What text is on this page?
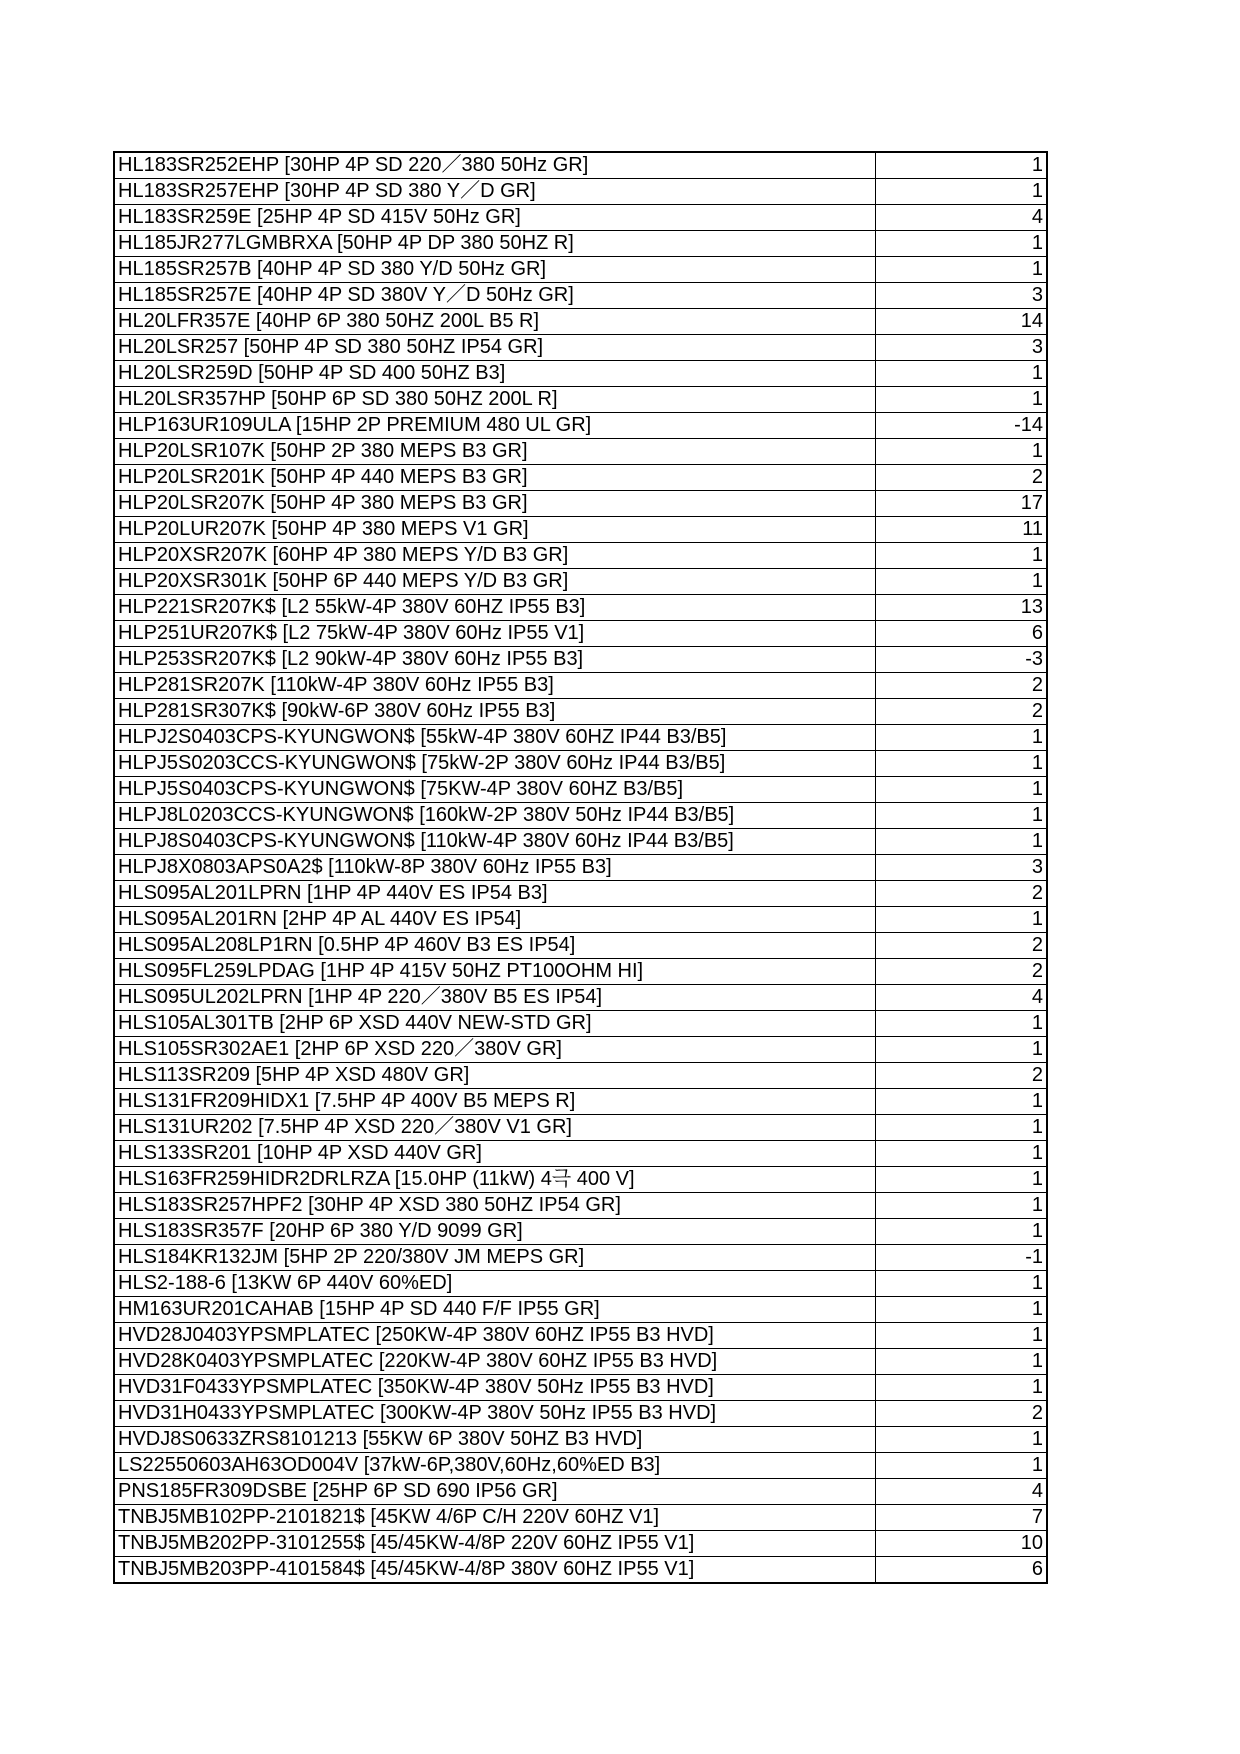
HL183SR252EHP [30HP 4P SD 220／380 50Hz GR]	1
HL183SR257EHP [30HP 4P SD 380 Y／D GR]	1
HL183SR259E [25HP 4P SD 415V 50Hz GR]	4
HL185JR277LGMBRXA [50HP 4P DP 380 50HZ R]	1
HL185SR257B [40HP 4P SD 380 Y/D 50Hz GR]	1
HL185SR257E [40HP 4P SD 380V Y／D 50Hz GR]	3
HL20LFR357E [40HP 6P 380 50HZ 200L B5 R]	14
HL20LSR257 [50HP 4P SD 380 50HZ IP54 GR]	3
HL20LSR259D [50HP 4P SD 400 50HZ B3]	1
HL20LSR357HP [50HP 6P SD 380 50HZ 200L R]	1
HLP163UR109ULA [15HP 2P PREMIUM 480 UL GR]	-14
HLP20LSR107K [50HP 2P 380 MEPS B3 GR]	1
HLP20LSR201K [50HP 4P 440 MEPS B3 GR]	2
HLP20LSR207K [50HP 4P 380 MEPS B3 GR]	17
HLP20LUR207K [50HP 4P 380 MEPS V1 GR]	11
HLP20XSR207K [60HP 4P 380 MEPS Y/D B3 GR]	1
HLP20XSR301K [50HP 6P 440 MEPS Y/D B3 GR]	1
HLP221SR207K$ [L2 55kW-4P 380V 60HZ IP55 B3]	13
HLP251UR207K$ [L2 75kW-4P 380V 60Hz IP55 V1]	6
HLP253SR207K$ [L2 90kW-4P 380V 60Hz IP55 B3]	-3
HLP281SR207K [110kW-4P 380V 60Hz IP55 B3]	2
HLP281SR307K$ [90kW-6P 380V 60Hz IP55 B3]	2
HLPJ2S0403CPS-KYUNGWON$ [55kW-4P 380V 60HZ IP44 B3/B5]	1
HLPJ5S0203CCS-KYUNGWON$ [75kW-2P 380V 60Hz IP44 B3/B5]	1
HLPJ5S0403CPS-KYUNGWON$ [75KW-4P 380V 60HZ B3/B5]	1
HLPJ8L0203CCS-KYUNGWON$ [160kW-2P 380V 50Hz IP44 B3/B5]	1
HLPJ8S0403CPS-KYUNGWON$ [110kW-4P 380V 60Hz IP44 B3/B5]	1
HLPJ8X0803APS0A2$ [110kW-8P 380V 60Hz IP55 B3]	3
HLS095AL201LPRN [1HP 4P 440V ES IP54 B3]	2
HLS095AL201RN [2HP 4P AL 440V ES IP54]	1
HLS095AL208LP1RN [0.5HP 4P 460V B3 ES IP54]	2
HLS095FL259LPDAG [1HP 4P 415V 50HZ PT100OHM HI]	2
HLS095UL202LPRN [1HP 4P 220／380V B5 ES IP54]	4
HLS105AL301TB [2HP 6P XSD 440V NEW-STD GR]	1
HLS105SR302AE1 [2HP 6P XSD 220／380V GR]	1
HLS113SR209 [5HP 4P XSD 480V GR]	2
HLS131FR209HIDX1 [7.5HP 4P 400V B5 MEPS R]	1
HLS131UR202 [7.5HP 4P XSD 220／380V V1 GR]	1
HLS133SR201 [10HP 4P XSD 440V GR]	1
HLS163FR259HIDR2DRLRZA [15.0HP (11kW) 4극 400 V]	1
HLS183SR257HPF2 [30HP 4P XSD 380 50HZ IP54 GR]	1
HLS183SR357F [20HP 6P 380 Y/D 9099 GR]	1
HLS184KR132JM [5HP 2P 220/380V JM MEPS GR]	-1
HLS2-188-6 [13KW 6P 440V 60%ED]	1
HM163UR201CAHAB [15HP 4P SD 440 F/F IP55 GR]	1
HVD28J0403YPSMPLATEC [250KW-4P 380V 60HZ IP55 B3 HVD]	1
HVD28K0403YPSMPLATEC [220KW-4P 380V 60HZ IP55 B3 HVD]	1
HVD31F0433YPSMPLATEC [350KW-4P 380V 50Hz IP55 B3 HVD]	1
HVD31H0433YPSMPLATEC [300KW-4P 380V 50Hz IP55 B3 HVD]	2
HVDJ8S0633ZRS8101213 [55KW 6P 380V 50HZ B3 HVD]	1
LS22550603AH63OD004V [37kW-6P,380V,60Hz,60%ED B3]	1
PNS185FR309DSBE [25HP 6P SD 690 IP56 GR]	4
TNBJ5MB102PP-2101821$ [45KW 4/6P C/H 220V 60HZ V1]	7
TNBJ5MB202PP-3101255$ [45/45KW-4/8P 220V 60HZ IP55 V1]	10
TNBJ5MB203PP-4101584$ [45/45KW-4/8P 380V 60HZ IP55 V1]	6
